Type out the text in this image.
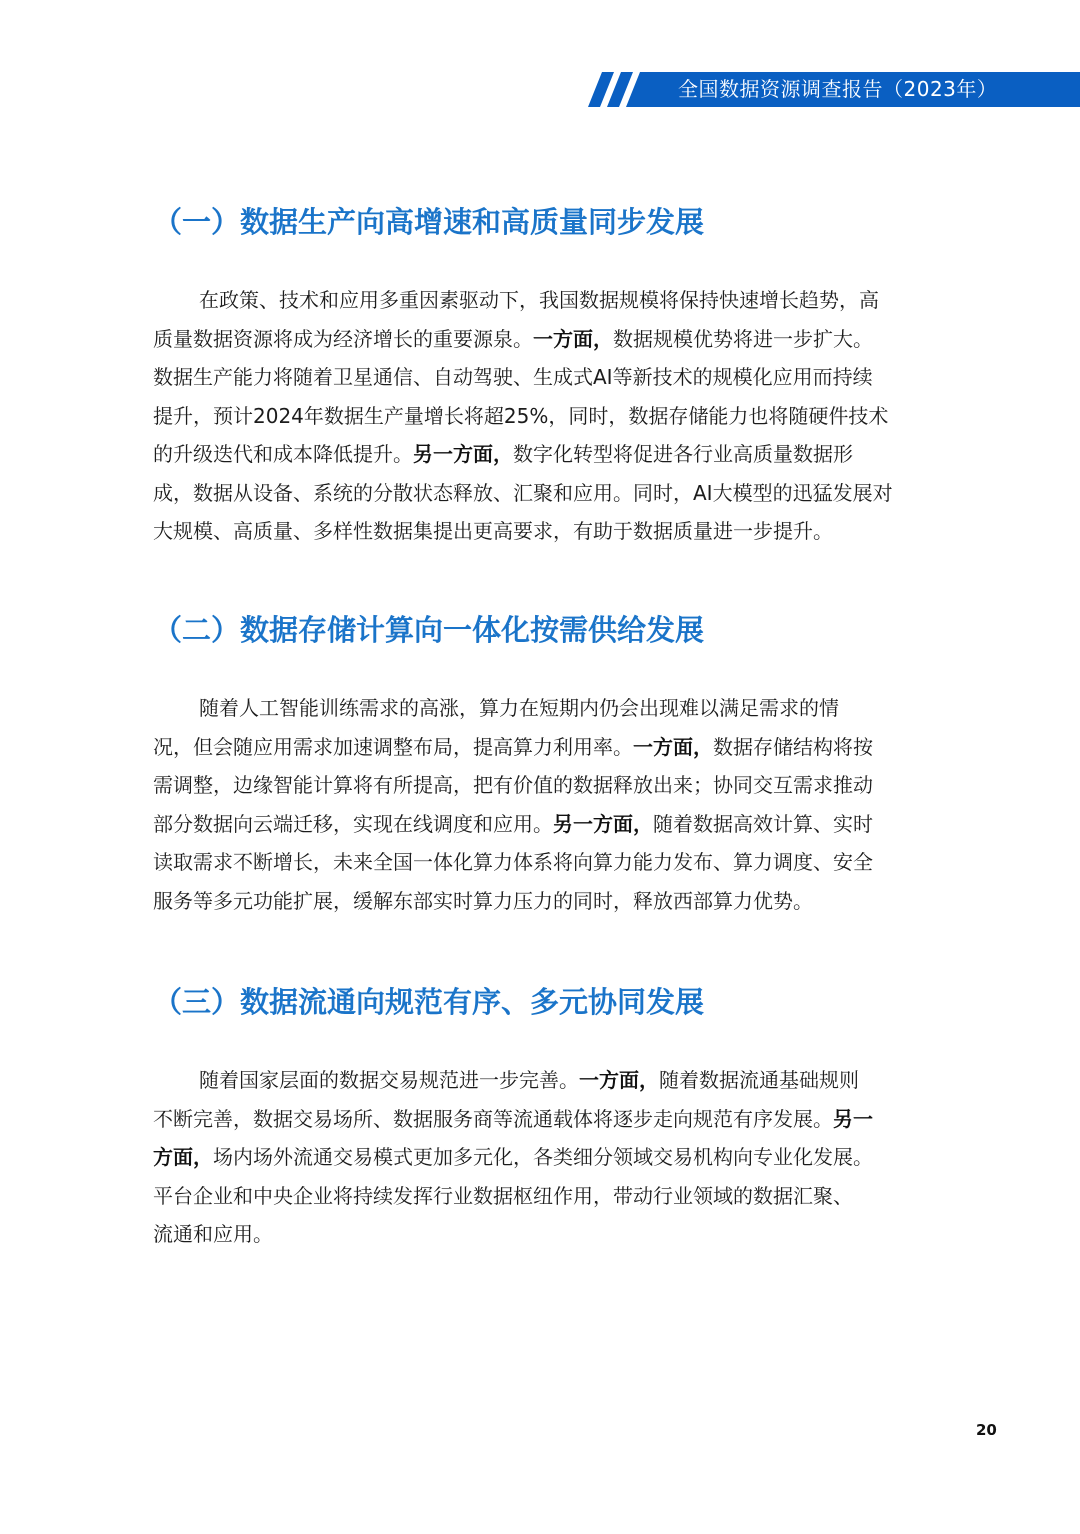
全国数据资源调查报告（2023年）
（一）数据生产向高增速和高质量同步发展
在政策、技术和应用多重因素驱动下，我国数据规模将保持快速增长趋势，高
质量数据资源将成为经济增长的重要源泉。一方面，数据规模优势将进一步扩大。
数据生产能力将随着卫星通信、自动驾驶、生成式AI等新技术的规模化应用而持续
提升，预计2024年数据生产量增长将超25%，同时，数据存储能力也将随硬件技术
的升级迭代和成本降低提升。另一方面，数字化转型将促进各行业高质量数据形
成，数据从设备、系统的分散状态释放、汇聚和应用。同时，AI大模型的迅猛发展对
大规模、高质量、多样性数据集提出更高要求，有助于数据质量进一步提升。
（二）数据存储计算向一体化按需供给发展
随着人工智能训练需求的高涨，算力在短期内仍会出现难以满足需求的情
况，但会随应用需求加速调整布局，提高算力利用率。一方面，数据存储结构将按
需调整，边缘智能计算将有所提高，把有价值的数据释放出来；协同交互需求推动
部分数据向云端迁移，实现在线调度和应用。另一方面，随着数据高效计算、实时
读取需求不断增长，未来全国一体化算力体系将向算力能力发布、算力调度、安全
服务等多元功能扩展，缓解东部实时算力压力的同时，释放西部算力优势。
（三）数据流通向规范有序、多元协同发展
随着国家层面的数据交易规范进一步完善。一方面，随着数据流通基础规则
不断完善，数据交易场所、数据服务商等流通载体将逐步走向规范有序发展。另一
方面，场内场外流通交易模式更加多元化，各类细分领域交易机构向专业化发展。
平台企业和中央企业将持续发挥行业数据枢纽作用，带动行业领域的数据汇聚、
流通和应用。
20
